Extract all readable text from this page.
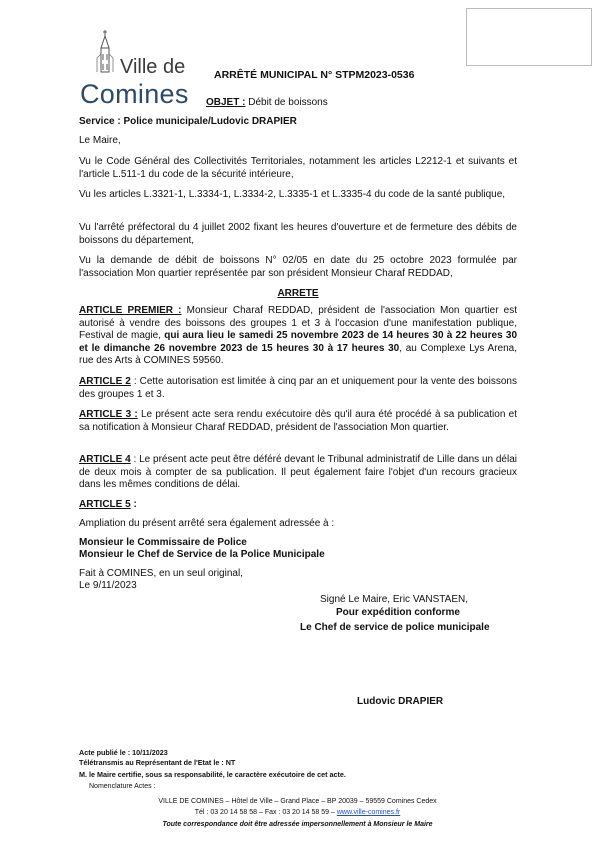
Ville de
Comines
ARRÊTÉ MUNICIPAL N° STPM2023-0536
OBJET : Débit de boissons
Service : Police municipale/Ludovic DRAPIER
Le Maire,
Vu le Code Général des Collectivités Territoriales, notamment les articles L2212-1 et suivants et l'article L.511-1 du code de la sécurité intérieure,
Vu les articles L.3321-1, L.3334-1, L.3334-2, L.3335-1 et L.3335-4 du code de la santé publique,
Vu l'arrêté préfectoral du 4 juillet 2002 fixant les heures d'ouverture et de fermeture des débits de boissons du département,
Vu la demande de débit de boissons N° 02/05 en date du 25 octobre 2023 formulée par l'association Mon quartier représentée par son président Monsieur Charaf REDDAD,
ARRETE
ARTICLE PREMIER : Monsieur Charaf REDDAD, président de l'association Mon quartier est autorisé à vendre des boissons des groupes 1 et 3 à l'occasion d'une manifestation publique, Festival de magie, qui aura lieu le samedi 25 novembre 2023 de 14 heures 30 à 22 heures 30 et le dimanche 26 novembre 2023 de 15 heures 30 à 17 heures 30, au Complexe Lys Arena, rue des Arts à COMINES 59560.
ARTICLE 2 : Cette autorisation est limitée à cinq par an et uniquement pour la vente des boissons des groupes 1 et 3.
ARTICLE 3 : Le présent acte sera rendu exécutoire dès qu'il aura été procédé à sa publication et sa notification à Monsieur Charaf REDDAD, président de l'association Mon quartier.
ARTICLE 4 : Le présent acte peut être déféré devant le Tribunal administratif de Lille dans un délai de deux mois à compter de sa publication. Il peut également faire l'objet d'un recours gracieux dans les mêmes conditions de délai.
ARTICLE 5 :
Ampliation du présent arrêté sera également adressée à :
Monsieur le Commissaire de Police
Monsieur le Chef de Service de la Police Municipale
Fait à COMINES, en un seul original,
Le 9/11/2023
Signé Le Maire, Eric VANSTAEN,
Pour expédition conforme
Le Chef de service de police municipale
Ludovic DRAPIER
Acte publié le : 10/11/2023
Télétransmis au Représentant de l'Etat le : NT
M. le Maire certifie, sous sa responsabilité, le caractère exécutoire de cet acte.
Nomenclature Actes :
VILLE DE COMINES – Hôtel de Ville – Grand Place – BP 20039 – 59559 Comines Cedex
Tél : 03 20 14 58 58 – Fax : 03 20 14 58 59 – www.ville-comines.fr
Toute correspondance doit être adressée impersonnellement à Monsieur le Maire
